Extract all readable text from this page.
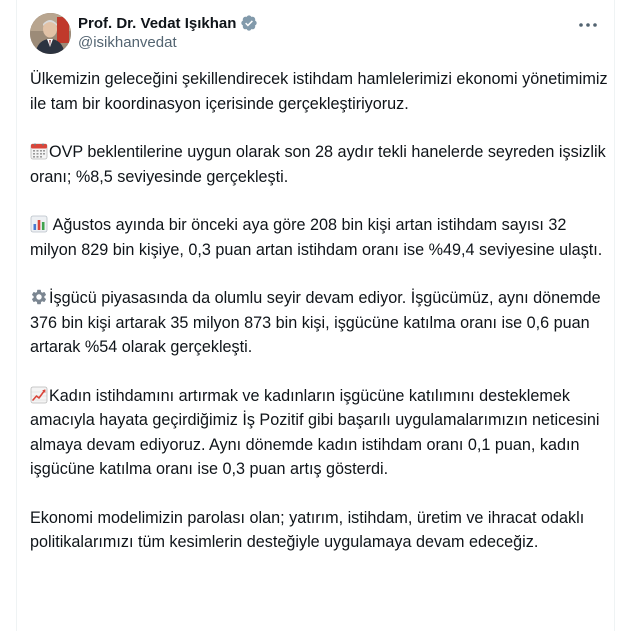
Prof. Dr. Vedat Işıkhan
@isikhanvedat

Ülkemizin geleceğini şekillendirecek istihdam hamlelerimizi ekonomi yönetimimiz ile tam bir koordinasyon içerisinde gerçekleştiriyoruz.

OVP beklentilerine uygun olarak son 28 aydır tekli hanelerde seyreden işsizlik oranı; %8,5 seviyesinde gerçekleşti.

Ağustos ayında bir önceki aya göre 208 bin kişi artan istihdam sayısı 32 milyon 829 bin kişiye, 0,3 puan artan istihdam oranı ise %49,4 seviyesine ulaştı.

İşgücü piyasasında da olumlu seyir devam ediyor. İşgücümüz, aynı dönemde 376 bin kişi artarak 35 milyon 873 bin kişi, işgücüne katılma oranı ise 0,6 puan artarak %54 olarak gerçekleşti.

Kadın istihdamını artırmak ve kadınların işgücüne katılımını desteklemek amacıyla hayata geçirdiğimiz İş Pozitif gibi başarılı uygulamalarımızın neticesini almaya devam ediyoruz. Aynı dönemde kadın istihdam oranı 0,1 puan, kadın işgücüne katılma oranı ise 0,3 puan artış gösterdi.

Ekonomi modelimizin parolası olan; yatırım, istihdam, üretim ve ihracat odaklı politikalarımızı tüm kesimlerin desteğiyle uygulamaya devam edeceğiz.
